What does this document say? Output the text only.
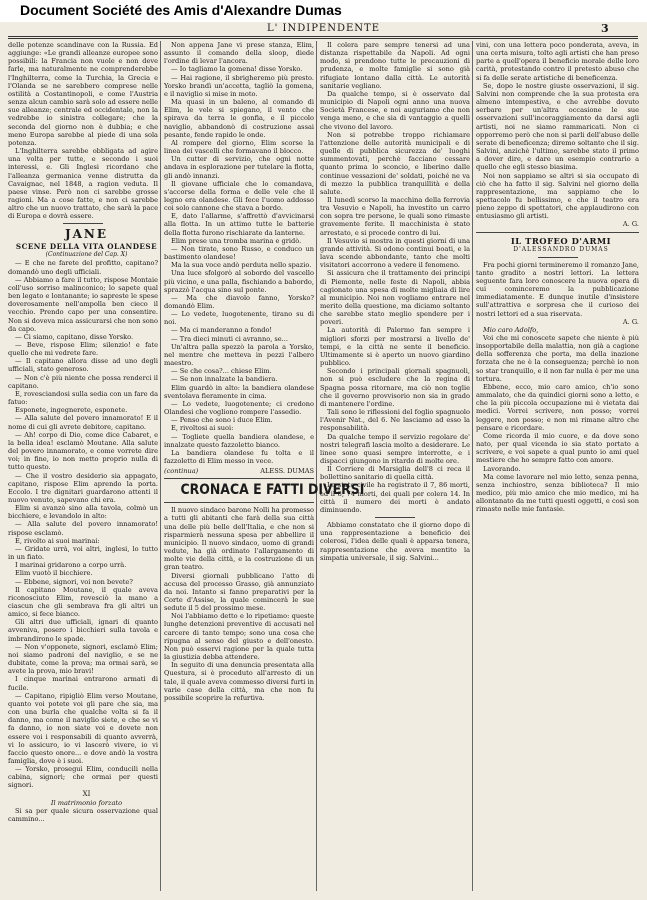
Document Société des Amis d'Alexandre Dumas
L' INDIPENDENTE	3

delle potenze scandinave con la Russia. Ed aggiunge: «Le grandi alleanze europee sono possibili: la Francia non vuole e non deve farle, ma naturalmente ne comprenderebbe l'Inghilterra, come la Turchia, la Grecia e l'Olanda se ne sarebbero comprese nelle ostilità a Costantinopoli, e come l'Austria senza alcun cambio sarà solo ad essere nelle sue alleanze; centrale ed occidentale, non la vedrebbe io sinistra collegare; che la seconda del giorno non è dubbia; e che meno Europa sarebbe al piede di una sola potenza.

L'Inghilterra sarebbe obbligata ad agire una volta per tutte, e secondo i suoi interessi, e. Gli Inglesi ricordano che l'alleanza germanica venne distrutta da Cavaignac, nel 1848, a ragion veduta. Il paese vinse. Però non ci sarebbe grosse ragioni. Ma a cose fatte, e non ci sarebbe altro che un nuovo trattato, che sarà la pace di Europa e dovrà essere.

JANE

SCENE DELLA VITA OLANDESE

(Continuazione del Cap. X)

— E che ne farete del profitto, capitano? domandò uno degli ufficiali.

— Abbiamo a fare il tutto, rispose Montaie coll'uso sorriso malinconico; lo sapete qual ben legato e lontanante; io sapreste le spese doverosamente nell'ampolla ben cieco il vecchio. Prendo capo per una consentire. Non si doveva mica assicurarsi che non sono da capo.

— Ci siamo, capitano, disse Yorsko.

— Beve, rispose Elim; silenzio! e fate quello che mi vedrete fare.

— Il capitano allora disse ad uno degli ufficiali, stato generoso.

— Non c'è più niente che possa renderci il capitano.

E, rovesciandosi sulla sedia con un fare da fatuo:

Esponete, ingegnerete, esponete.

— Alla salute del povero innamorato! E il nome di cui gli avrete debitore, capitano.

— Ah! corpo di Dio, come dice Cabaret, e la bella idea! esclamò Moutane. Alla salute del povero innamorato, e come vorrete dire voi; in fine, io non metto proprio nulla di tutto questo.

— Che il vostro desiderio sia appagato, capitano, rispose Elim aprendo la porta. Eccolo. I tre dignitari guardarono attenti il nuovo venuto, sapevano chi era.

Elim si avanzò sino alla tavola, colmò un bicchiere, e levandolo in alto:

— Alla salute del povero innamorato! rispose esclamò.

E, rivolto ai suoi marinai:

— Gridate urrà, voi altri, inglesi, lo tutto in un fiato.

I marinai gridarono a corpo urrà.

Elim vuotò il bicchiere.

— Ebbene, signori, voi non bevete?

Il capitano Moutane, il quale aveva riconosciuto Elim, rovesciò la mano a ciascun che gli sembrava fra gli altri un amico, si fece bianco.

Gli altri due ufficiali, ignari di quanto avveniva, posero i bicchieri sulla tavola e imbrandirono le spade.

— Non v'opponete, signori, esclamò Elim; noi siamo padroni del naviglio, e se ne dubitate, come la prova; ma ormai sarà, se avete la prova, mio bravi!

I cinque marinai entrarono armati di fucile.

— Capitano, ripigliò Elim verso Moutane, quanto voi potete voi gli pare che sia, ma con una burla che qualche volta si fa il danno, ma come il naviglio siete, e che se vi fa danno, io non siate voi e dovete non essere voi i responsabili di quanto avverrà, vi lo assicuro, io vi lascerò vivere, io vi faccio questo onore... e dove andò la vostra famiglia, dove è i suoi.

— Yorsko, proseguì Elim, conducili nella cabina, signori; che ormai per questi signori.

XI

Il matrimonio forzato

Si sa per quale sicura osservazione qual cammino...

Non appena Jane vi prese stanza, Elim, assunto il comando della sloop, diede l'ordine di levar l'ancora.

— Io tagliamo la gomena! disse Yorsko.

— Hai ragione, il sbrigheremo più presto. Yorsko brandì un'accetta, tagliò la gomena, e il naviglio si mise in moto.

Ma quasi in un baleno, al comando di Elim, le vele si spiegano, il vento che spirava da terra le gonfia, e il piccolo naviglio, abbandonò di costruzione assai pesante, fende rapido le onde.

Al rompere del giorno, Elim scorse la linea dei vascelli che formavano il blocco.

Un cutter di servizio, che ogni notte andava in esplorazione per tutelare la flotta, gli andò innanzi.

Il giovane ufficiale che lo comandava, s'accorse della forma e delle vele che il legno era olandese. Gli fece l'uomo addosso coi solo cannone che stava a bordo.

E, dato l'allarme, s'affrettò d'avvicinarsi alla flotta. In un attimo tutte le batterie della flotta furono rischiarate da lanterne.

Elim prese una tromba marina e gridò.

— Non tirate, sono Russo, e conduco un bastimento olandese!

Ma la sua voce andò perduta nello spazio.

Una luce sfolgorò al sobordo del vascello più vicino, e una palla, fischiando a babordo, sprazzò l'acqua sino sul ponte.

— Ma che diavolo fanno, Yorsko? domandò Elim.

— Lo vedete, luogotenente, tirano su di noi.

— Ma ci manderanno a fondo!

— Tra dieci minuti ci avranno, se...

Un'altra palla spezzò la parola a Yorsko, nel mentre che metteva in pezzi l'albero maestro.

— Se che cosa?... chiese Elim.

— Se non innalzate la bandiera.

Elim guardò in alto: la bandiera olandese sventolava fieramente in cima.

— Lo vedete, luogotenente; ci credono Olandesi che vogliono rompere l'assedio.

— Penso che sono i duce Elim.

E, rivoltosi ai suoi:

— Togliete quella bandiera olandese, e innalzate questo fazzoletto bianco.

La bandiera olandese fu tolta e il fazzoletto di Elim messo in vece.

(continua)	ALESS. DUMAS

CRONACA E FATTI DIVERSI

Il nuovo sindaco barone Nolli ha promesso a tutti gli abitanti che farà della sua città una delle più belle dell'Italia, e che non si risparmierà nessuna spesa per abbellire il municipio. Il nuovo sindaco, uomo di grandi vedute, ha già ordinato l'allargamento di molte vie della città, e la costruzione di un gran teatro.

Diversi giornali pubblicano l'atto di accusa del processo Grasso, già annunziato da noi. Intanto si fanno preparativi per la Corte d'Assise, la quale comincerà le sue sedute il 5 del prossimo mese.

Noi l'abbiamo detto e lo ripetiamo: queste lunghe detenzioni preventive di accusati nel carcere di tanto tempo; sono una cosa che ripugna al senso del giusto e dell'onesto. Non può esservi ragione per la quale tutta la giustizia debba attendere.

In seguito di una denuncia presentata alla Questura, si è proceduto all'arresto di un tale, il quale aveva commesso diversi furti in varie case della città, ma che non fu possibile scoprire la refurtiva.

Il colera pare sempre tenersi ad una distanza rispettabile da Napoli. Ad ogni modo, si prendono tutte le precauzioni di prudenza, e molte famiglie si sono già rifugiate lontano dalla città. Le autorità sanitarie vegliano.

Da qualche tempo, si è osservato dal municipio di Napoli ogni anno una nuova Società Francese, e noi auguriamo che non venga meno, e che sia di vantaggio a quelli che vivono del lavoro.

Non si potrebbe troppo richiamare l'attenzione delle autorità municipali e di quelle di pubblica sicurezza de' luoghi summentovati, perchè facciano cessare quanto prima lo sconcio, e liberino dalle continue vessazioni de' soldati, poiché ne va di mezzo la pubblica tranquillità e della salute.

Il lunedì scorso la macchina della ferrovia tra Vesuvio e Napoli, ha investito un carro con sopra tre persone, le quali sono rimaste gravemente ferite. Il macchinista è stato arrestato, e si procede contro di lui.

Il Vesuvio si mostra in questi giorni di una grande attività. Si odono continui boati, e la lava scende abbondante, tanto che molti visitatori accorrono a vedere il fenomeno.

Si assicura che il trattamento dei principi di Piemonte, nelle feste di Napoli, abbia cagionato una spesa di molte migliaia di lire al municipio. Noi non vogliamo entrare nel merito della questione, ma diciamo soltanto che sarebbe stato meglio spendere per i poveri.

La autorità di Palermo fan sempre i migliori sforzi per mostrarsi a livello de' tempi, e la città ne sente il beneficio. Ultimamente si è aperto un nuovo giardino pubblico.

Secondo i principali giornali spagnuoli, non si può escludere che la regina di Spagna possa ritornare, ma ciò non toglie che il governo provvisorio non sia in grado di mantenere l'ordine.

Tali sono le riflessioni del foglio spagnuolo l'Avenir Nat., del 6. Ne lasciamo ad esso la responsabilità.

Da qualche tempo il servizio regolare de' nostri telegrafi lascia molto a desiderare. Le linee sono quasi sempre interrotte, e i dispacci giungono in ritardo di molte ore.

Il Corriere di Marsiglia dell'8 ci reca il bollettino sanitario di quella città.

Lo stato civile ha registrato il 7, 86 morti, ed il 8, 74 morti, dei quali per colera 14. In città il numero dei morti è andato diminuendo.

Abbiamo constatato che il giorno dopo di una rappresentazione a beneficio dei colerosi, l'idea delle quali è apparsa tenera, rappresentazione che aveva mentito la simpatia universale, il sig. Salvini...

vini, con una lettera poco ponderata, aveva, in una certa misura, tolto agli artisti che han preso parte a quell'opera il beneficio morale delle loro carità, protestando contro il pretesto abuso che si fa delle serate artistiche di beneficenza.

Se, dopo le nostre giuste osservazioni, il sig. Salvini non comprende che la sua protesta era almeno intempestiva, e che avrebbe dovuto serbare per un'altra occasione le sue osservazioni sull'incoraggiamento da darsi agli artisti, noi ne siamo rammaricati. Non ci opporremo però che non si parli dell'abuso delle serate di beneficenza; diremo soltanto che il sig. Salvini, anzichè l'ultimo, sarebbe stato il primo a dover dire, e dare un esempio contrario a quello che egli stesso biasima.

Noi non sappiamo se altri si sia occupato di ciò che ha fatto il sig. Salvini nel giorno della rappresentazione, ma sappiamo che lo spettacolo fu bellissimo, e che il teatro era pieno zeppo di spettatori, che applaudirono con entusiasmo gli artisti.

A. G.

IL TROFEO D'ARMI

D'ALESSANDRO DUMAS

Fra pochi giorni termineremo il romanzo Jane, tanto gradito a nostri lettori. La lettera seguente fara loro conoscere la nuova opera di cui cominceremo la pubblicazione immediatamente. E dunque inutile d'insistere sull'attrattiva e sorpresa che il curioso dei nostri lettori ed a sua riservata.

A. G.

Mio caro Adolfo,

Voi che mi conoscete sapete che niente è più insopportabile della malattia, non già a cagione della sofferenza che porta, ma della inazione forzata che ne è la conseguenza; perchè io non so star tranquillo, e il non far nulla è per me una tortura.

Ebbene, ecco, mio caro amico, ch'io sono ammalato, che da quindici giorni sono a letto, e che la più piccola occupazione mi è vietata dai medici. Vorrei scrivere, non posso; vorrei leggere, non posso; e non mi rimane altro che pensare e ricordare.

Come ricorda il mio cuore, e da dove sono nato, per qual vicenda io sia stato portato a scrivere, e voi sapete a qual punto io ami quel mestiere che ho sempre fatto con amore.

Lavorando.

Ma come lavorare nel mio letto, senza penna, senza inchiostro, senza biblioteca? Il mio medico, più mio amico che mio medico, mi ha allontanato da me tutti questi oggetti, e così son rimasto nelle mie fantasie.
